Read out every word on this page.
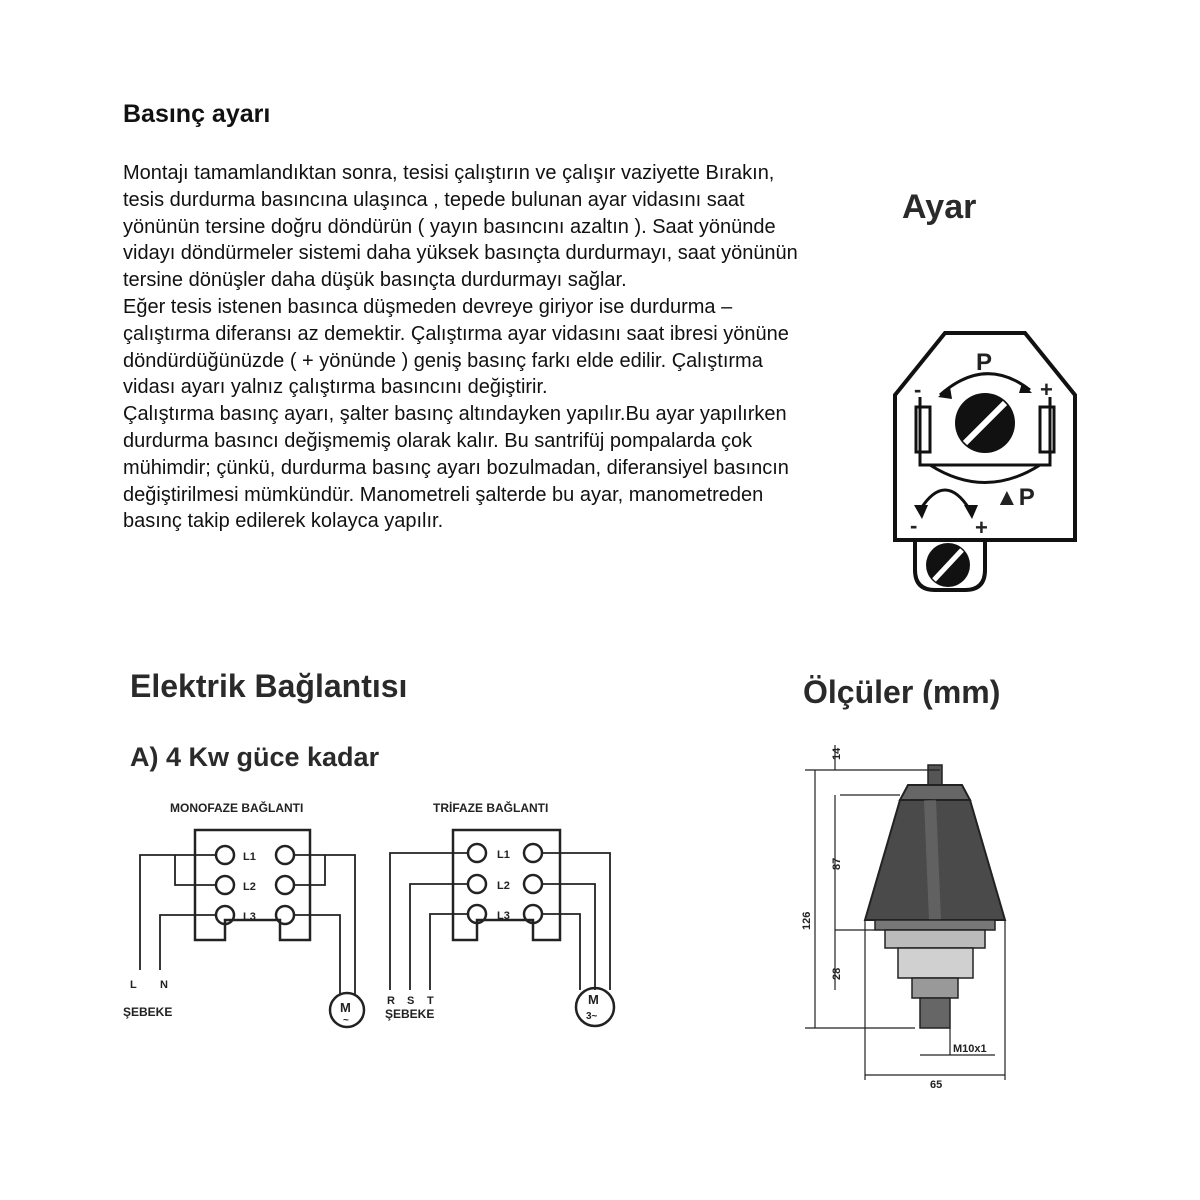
Basınç ayarı

Montajı tamamlandıktan sonra, tesisi çalıştırın ve çalışır vaziyette Bırakın, tesis durdurma basıncına ulaşınca , tepede bulunan ayar vidasını saat yönünün tersine doğru döndürün ( yayın basıncını azaltın ). Saat yönünde vidayı döndürmeler sistemi daha yüksek basınçta durdurmayı, saat yönünün tersine dönüşler daha düşük basınçta durdurmayı sağlar.

Eğer tesis istenen basınca düşmeden devreye giriyor ise durdurma – çalıştırma diferansı az demektir. Çalıştırma ayar vidasını saat ibresi yönüne döndürdüğünüzde ( + yönünde ) geniş basınç farkı elde edilir. Çalıştırma vidası ayarı yalnız çalıştırma basıncını değiştirir.

Çalıştırma basınç ayarı, şalter basınç altındayken yapılır.Bu ayar yapılırken durdurma basıncı değişmemiş olarak kalır. Bu santrifüj pompalarda çok mühimdir; çünkü, durdurma basınç ayarı bozulmadan, diferansiyel basıncın değiştirilmesi mümkündür. Manometreli şalterde bu ayar, manometreden basınç takip edilerek kolayca yapılır.

Ayar
P
-	+
▲P
-	+
Elektrik Bağlantısı
A) 4 Kw güce kadar
MONOFAZE BAĞLANTI
L1
L2
L3
L N
ŞEBEKE	M
~
TRİFAZE BAĞLANTI
L1
L2
L3
R S T
ŞEBEKE
M
3~
Ölçüler (mm)
14
87
126
28
M10x1
65
